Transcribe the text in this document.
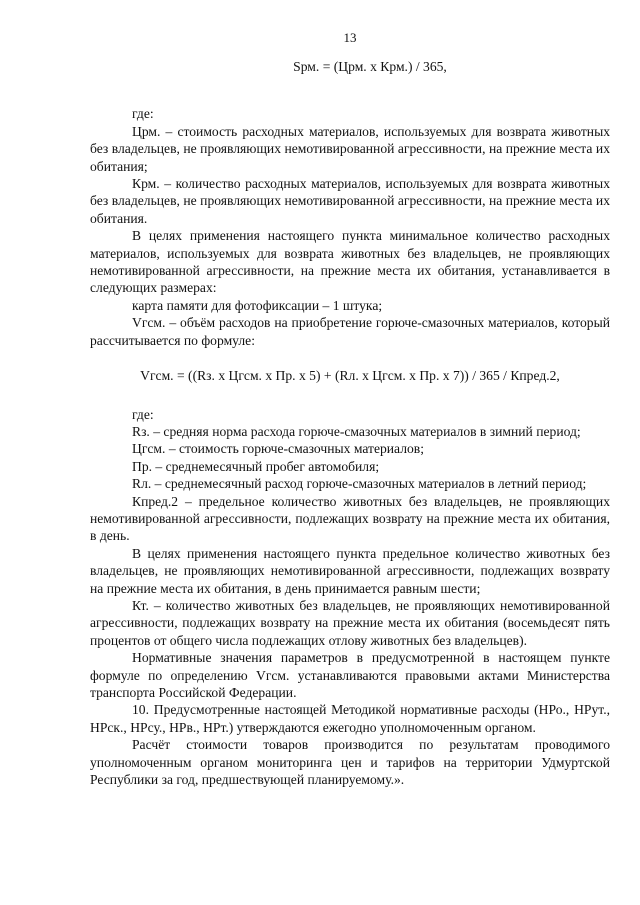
13

Sрм. = (Црм. х Крм.) / 365,

где:

Црм. – стоимость расходных материалов, используемых для возврата животных без владельцев, не проявляющих немотивированной агрессивности, на прежние места их обитания;

Крм. – количество расходных материалов, используемых для возврата животных без владельцев, не проявляющих немотивированной агрессивности, на прежние места их обитания.

В целях применения настоящего пункта минимальное количество расходных материалов, используемых для возврата животных без владельцев, не проявляющих немотивированной агрессивности, на прежние места их обитания, устанавливается в следующих размерах:

карта памяти для фотофиксации – 1 штука;

Vгсм. – объём расходов на приобретение горюче-смазочных материалов, который рассчитывается по формуле:

Vгсм. = ((Rз. х Цгсм. х Пр. х 5) + (Rл. х Цгсм. х Пр. х 7)) / 365 / Кпред.2,

где:

Rз. – средняя норма расхода горюче-смазочных материалов в зимний период;

Цгсм. – стоимость горюче-смазочных материалов;

Пр. – среднемесячный пробег автомобиля;

Rл. – среднемесячный расход горюче-смазочных материалов в летний период;

Кпред.2 – предельное количество животных без владельцев, не проявляющих немотивированной агрессивности, подлежащих возврату на прежние места их обитания, в день.

В целях применения настоящего пункта предельное количество животных без владельцев, не проявляющих немотивированной агрессивности, подлежащих возврату на прежние места их обитания, в день принимается равным шести;

Кт. – количество животных без владельцев, не проявляющих немотивированной агрессивности, подлежащих возврату на прежние места их обитания (восемьдесят пять процентов от общего числа подлежащих отлову животных без владельцев).

Нормативные значения параметров в предусмотренной в настоящем пункте формуле по определению Vгсм. устанавливаются правовыми актами Министерства транспорта Российской Федерации.

10. Предусмотренные настоящей Методикой нормативные расходы (НРо., НРут., НРск., НРсу., НРв., НРт.) утверждаются ежегодно уполномоченным органом.

Расчёт стоимости товаров производится по результатам проводимого уполномоченным органом мониторинга цен и тарифов на территории Удмуртской Республики за год, предшествующей планируемому.».
